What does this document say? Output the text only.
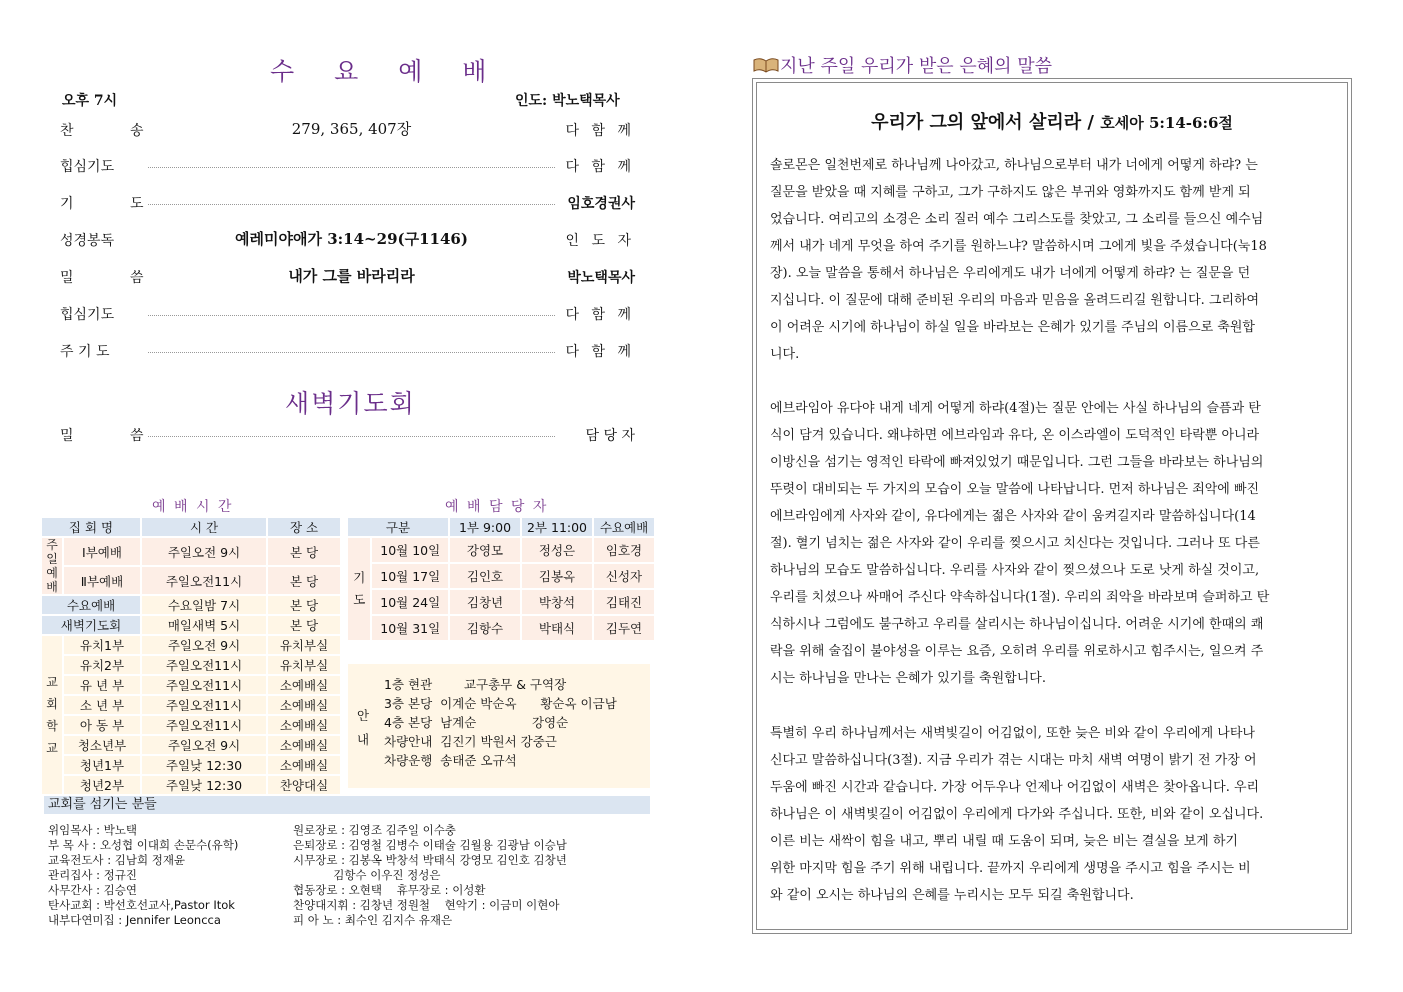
수 요 예 배
오후 7시	인도: 박노택목사
찬 송	279, 365, 407장	다 함 께
힙심기도	다 함 께
기 도	임호경권사
성경봉독	예레미야애가 3:14~29(구1146)	인 도 자
밀 씀	내가 그를 바라리라	박노택목사
힙심기도	다 함 께
주 기 도	다 함 께
새벽기도회
밀 씀	담 당 자
예 배 시 간
집 회 명		시 간	장 소
주일예배	Ⅰ부예배	주일오전 9시	본 당
	Ⅱ부예배	주일오전11시	본 당
수요예배		수요일밤 7시	본 당
새벽기도회		매일새벽 5시	본 당
교회학교	유치1부	주일오전 9시	유치부실
	유치2부	주일오전11시	유치부실
	유 년 부	주일오전11시	소예배실
	소 년 부	주일오전11시	소예배실
	아 동 부	주일오전11시	소예배실
	청소년부	주일오전 9시	소예배실
	청년1부	주일낮 12:30	소예배실
	청년2부	주일낮 12:30	찬양대실
예 배 담 당 자
구분		1부 9:00	2부 11:00	수요예배
기도	10월 10일	강영모	정성은	임호경
	10월 17일	김인호	김봉옥	신성자
	10월 24일	김창년	박창석	김태진
	10월 31일	김항수	박태식	김두연
안내
1층 현관        교구총무 & 구역장
3층 본당  이계순 박순옥      황순옥 이금남
4층 본당  남계순              강영순
차량안내  김진기 박원서 강중근
차량운행  송태준 오규석
교회를 섬기는 분들
위임목사 : 박노택
부 목 사 : 오성협 이대희 손문수(유학)
교육전도사 : 김남희 정재윤
관리집사 : 정규진
사무간사 : 김승연
탄사교회 : 박선호선교사,Pastor Itok
내부다연미집 : Jennifer Leoncca
원로장로 : 김영조 김주일 이수충
은퇴장로 : 김영철 김병수 이태술 김월용 김광남 이승남
시무장로 : 김봉옥 박창석 박태식 강영모 김인호 김창년
김항수 이우진 정성은
협동장로 : 오현택    휴무장로 : 이성환
찬양대지휘 : 김창년 정원철    현악기 : 이금미 이현아
피 아 노 : 최수인 김지수 유재은
지난 주일 우리가 받은 은혜의 말씀
우리가 그의 앞에서 살리라 / 호세아 5:14-6:6절
솔로몬은 일천번제로 하나님께 나아갔고, 하나님으로부터 내가 너에게 어떻게 하랴? 는
질문을 받았을 때 지혜를 구하고, 그가 구하지도 않은 부귀와 영화까지도 함께 받게 되
었습니다. 여리고의 소경은 소리 질러 예수 그리스도를 찾았고, 그 소리를 들으신 예수님
께서 내가 네게 무엇을 하여 주기를 원하느냐? 말씀하시며 그에게 빛을 주셨습니다(눅18
장). 오늘 말씀을 통해서 하나님은 우리에게도 내가 너에게 어떻게 하랴? 는 질문을 던
지십니다. 이 질문에 대해 준비된 우리의 마음과 믿음을 올려드리길 원합니다. 그리하여
이 어려운 시기에 하나님이 하실 일을 바라보는 은혜가 있기를 주님의 이름으로 축원합
니다.
에브라임아 유다야 내게 네게 어떻게 하랴(4절)는 질문 안에는 사실 하나님의 슬픔과 탄
식이 담겨 있습니다. 왜냐하면 에브라임과 유다, 온 이스라엘이 도덕적인 타락뿐 아니라
이방신을 섬기는 영적인 타락에 빠져있었기 때문입니다. 그런 그들을 바라보는 하나님의
뚜렷이 대비되는 두 가지의 모습이 오늘 말씀에 나타납니다. 먼저 하나님은 죄악에 빠진
에브라임에게 사자와 같이, 유다에게는 젊은 사자와 같이 움켜길지라 말씀하십니다(14
절). 혈기 넘치는 젊은 사자와 같이 우리를 찢으시고 치신다는 것입니다. 그러나 또 다른
하나님의 모습도 말씀하십니다. 우리를 사자와 같이 찢으셨으나 도로 낫게 하실 것이고,
우리를 치셨으나 싸매어 주신다 약속하십니다(1절). 우리의 죄악을 바라보며 슬퍼하고 탄
식하시나 그럼에도 불구하고 우리를 살리시는 하나님이십니다. 어려운 시기에 한때의 쾌
락을 위해 술집이 불야성을 이루는 요즘, 오히려 우리를 위로하시고 힘주시는, 일으켜 주
시는 하나님을 만나는 은혜가 있기를 축원합니다.
특별히 우리 하나님께서는 새벽빛길이 어김없이, 또한 늦은 비와 같이 우리에게 나타나
신다고 말씀하십니다(3절). 지금 우리가 겪는 시대는 마치 새벽 여명이 밝기 전 가장 어
두움에 빠진 시간과 같습니다. 가장 어두우나 언제나 어김없이 새벽은 찾아옵니다. 우리
하나님은 이 새벽빛길이 어김없이 우리에게 다가와 주십니다. 또한, 비와 같이 오십니다.
이른 비는 새싹이 힘을 내고, 뿌리 내릴 때 도움이 되며, 늦은 비는 결실을 보게 하기
위한 마지막 힘을 주기 위해 내립니다. 끝까지 우리에게 생명을 주시고 힘을 주시는 비
와 같이 오시는 하나님의 은혜를 누리시는 모두 되길 축원합니다.
